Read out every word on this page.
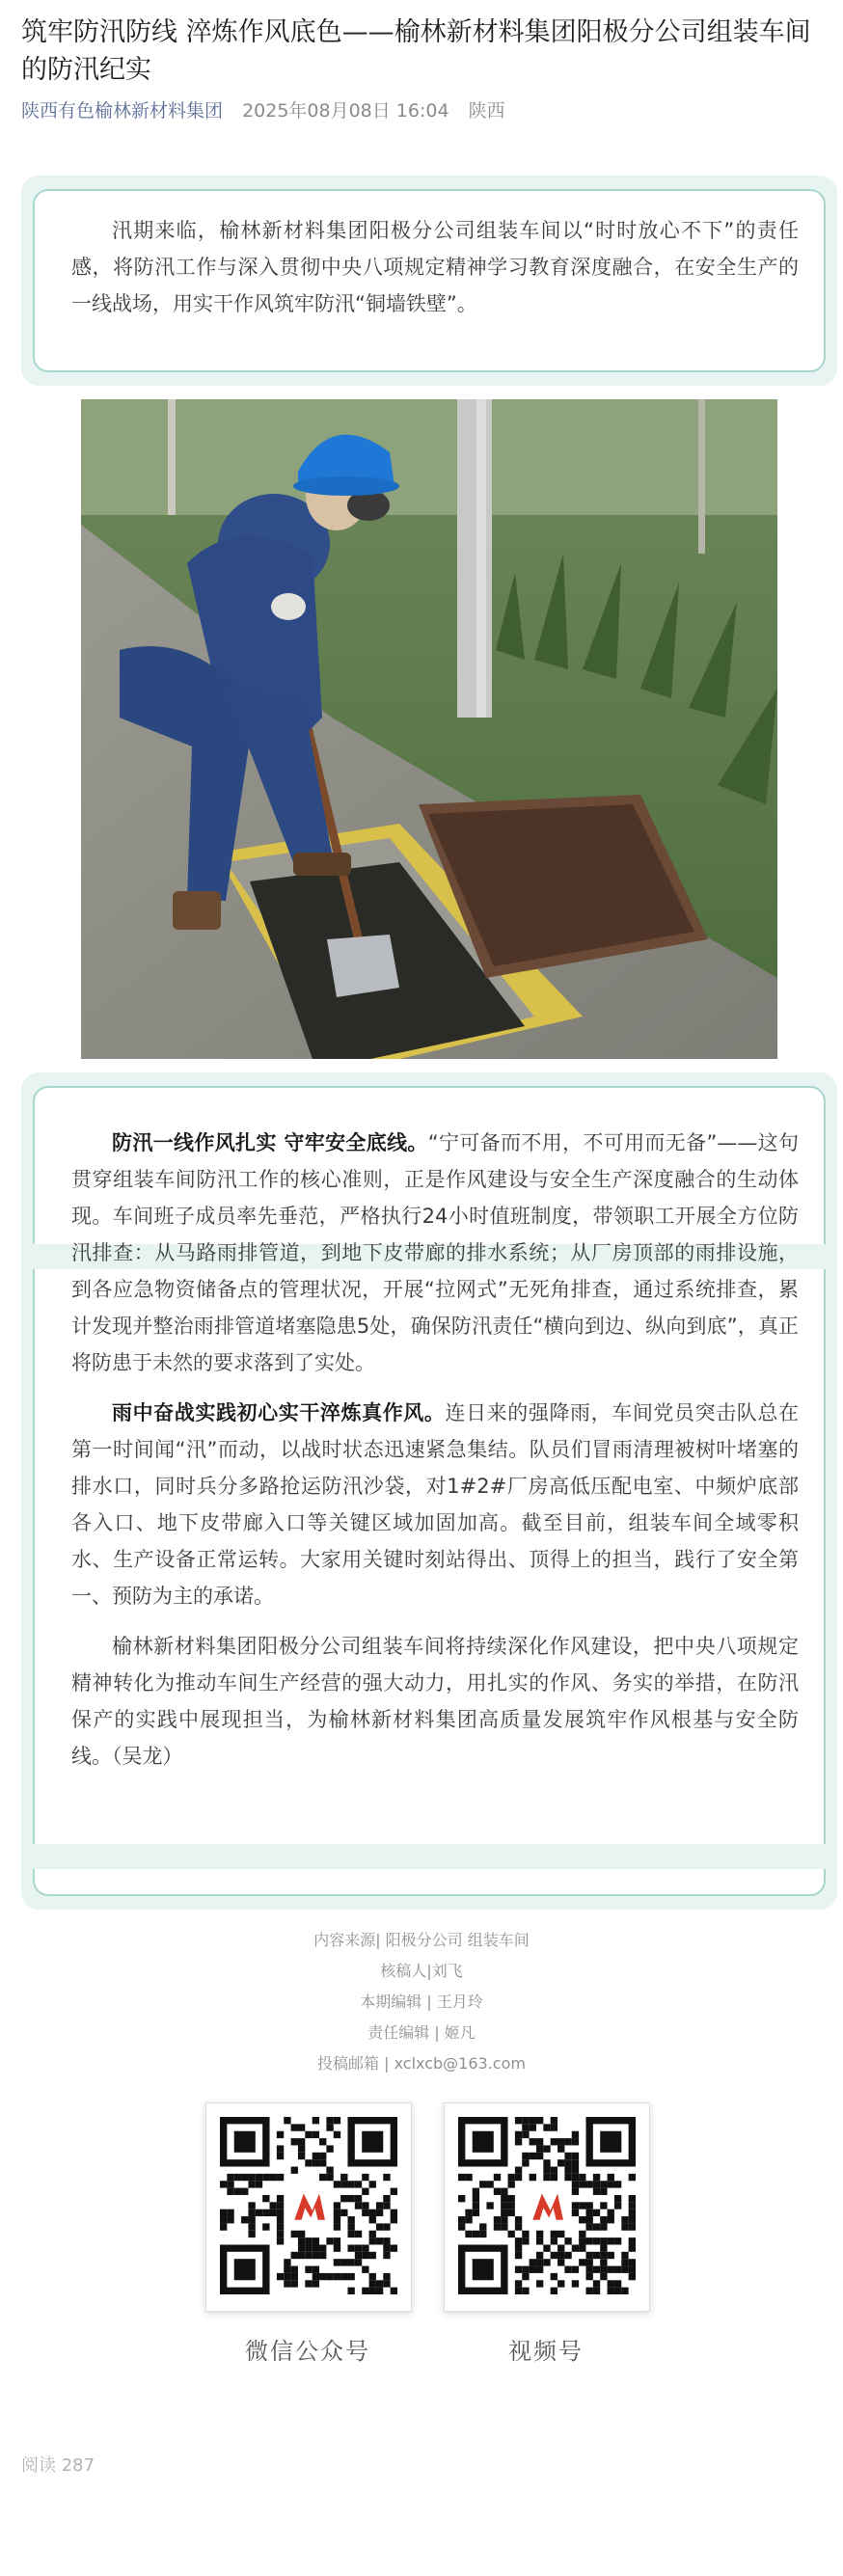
筑牢防汛防线 淬炼作风底色——榆林新材料集团阳极分公司组装车间的防汛纪实
陕西有色榆林新材料集团 2025年08月08日 16:04 陕西

汛期来临，榆林新材料集团阳极分公司组装车间以“时时放心不下”的责任感，将防汛工作与深入贯彻中央八项规定精神学习教育深度融合，在安全生产的一线战场，用实干作风筑牢防汛“铜墙铁壁”。

防汛一线作风扎实 守牢安全底线。“宁可备而不用，不可用而无备”——这句贯穿组装车间防汛工作的核心准则，正是作风建设与安全生产深度融合的生动体现。车间班子成员率先垂范，严格执行24小时值班制度，带领职工开展全方位防汛排查：从马路雨排管道，到地下皮带廊的排水系统；从厂房顶部的雨排设施，到各应急物资储备点的管理状况，开展“拉网式”无死角排查，通过系统排查，累计发现并整治雨排管道堵塞隐患5处，确保防汛责任“横向到边、纵向到底”，真正将防患于未然的要求落到了实处。

雨中奋战实践初心实干淬炼真作风。连日来的强降雨，车间党员突击队总在第一时间闻“汛”而动，以战时状态迅速紧急集结。队员们冒雨清理被树叶堵塞的排水口，同时兵分多路抢运防汛沙袋，对1#2#厂房高低压配电室、中频炉底部各入口、地下皮带廊入口等关键区域加固加高。截至目前，组装车间全域零积水、生产设备正常运转。大家用关键时刻站得出、顶得上的担当，践行了安全第一、预防为主的承诺。

榆林新材料集团阳极分公司组装车间将持续深化作风建设，把中央八项规定精神转化为推动车间生产经营的强大动力，用扎实的作风、务实的举措，在防汛保产的实践中展现担当，为榆林新材料集团高质量发展筑牢作风根基与安全防线。（吴龙）

内容来源| 阳极分公司 组装车间
核稿人|刘飞
本期编辑 | 王月玲
责任编辑 | 姬凡
投稿邮箱 | xclxcb@163.com
微信公众号	视频号
阅读 287
